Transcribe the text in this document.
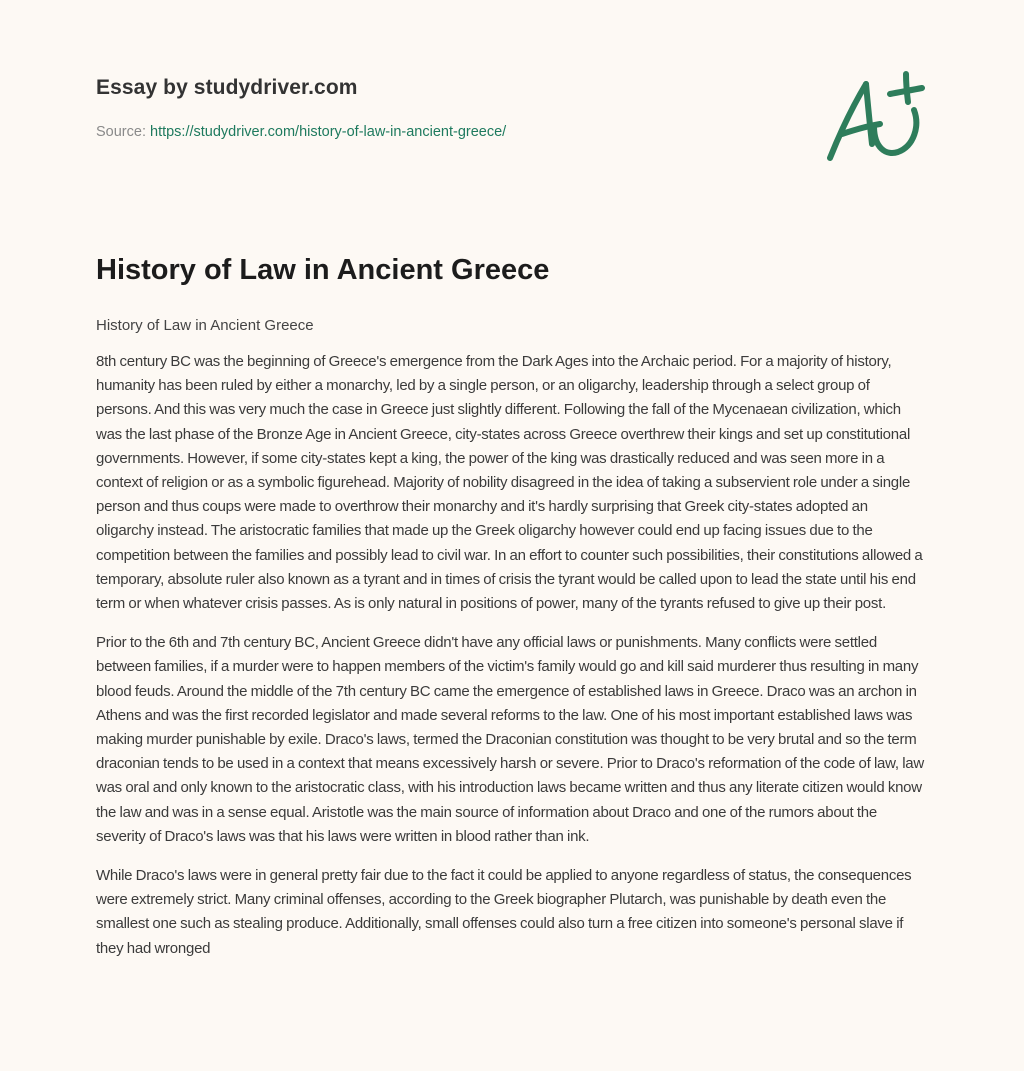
Essay by studydriver.com
Source: https://studydriver.com/history-of-law-in-ancient-greece/
History of Law in Ancient Greece
History of Law in Ancient Greece

8th century BC was the beginning of Greece's emergence from the Dark Ages into the Archaic period. For a majority of history, humanity has been ruled by either a monarchy, led by a single person, or an oligarchy, leadership through a select group of persons. And this was very much the case in Greece just slightly different. Following the fall of the Mycenaean civilization, which was the last phase of the Bronze Age in Ancient Greece, city-states across Greece overthrew their kings and set up constitutional governments. However, if some city-states kept a king, the power of the king was drastically reduced and was seen more in a context of religion or as a symbolic figurehead. Majority of nobility disagreed in the idea of taking a subservient role under a single person and thus coups were made to overthrow their monarchy and it's hardly surprising that Greek city-states adopted an oligarchy instead. The aristocratic families that made up the Greek oligarchy however could end up facing issues due to the competition between the families and possibly lead to civil war. In an effort to counter such possibilities, their constitutions allowed a temporary, absolute ruler also known as a tyrant and in times of crisis the tyrant would be called upon to lead the state until his end term or when whatever crisis passes. As is only natural in positions of power, many of the tyrants refused to give up their post.

Prior to the 6th and 7th century BC, Ancient Greece didn't have any official laws or punishments. Many conflicts were settled between families, if a murder were to happen members of the victim's family would go and kill said murderer thus resulting in many blood feuds. Around the middle of the 7th century BC came the emergence of established laws in Greece. Draco was an archon in Athens and was the first recorded legislator and made several reforms to the law. One of his most important established laws was making murder punishable by exile. Draco's laws, termed the Draconian constitution was thought to be very brutal and so the term draconian tends to be used in a context that means excessively harsh or severe. Prior to Draco's reformation of the code of law, law was oral and only known to the aristocratic class, with his introduction laws became written and thus any literate citizen would know the law and was in a sense equal. Aristotle was the main source of information about Draco and one of the rumors about the severity of Draco's laws was that his laws were written in blood rather than ink.

While Draco's laws were in general pretty fair due to the fact it could be applied to anyone regardless of status, the consequences were extremely strict. Many criminal offenses, according to the Greek biographer Plutarch, was punishable by death even the smallest one such as stealing produce. Additionally, small offenses could also turn a free citizen into someone's personal slave if they had wronged
